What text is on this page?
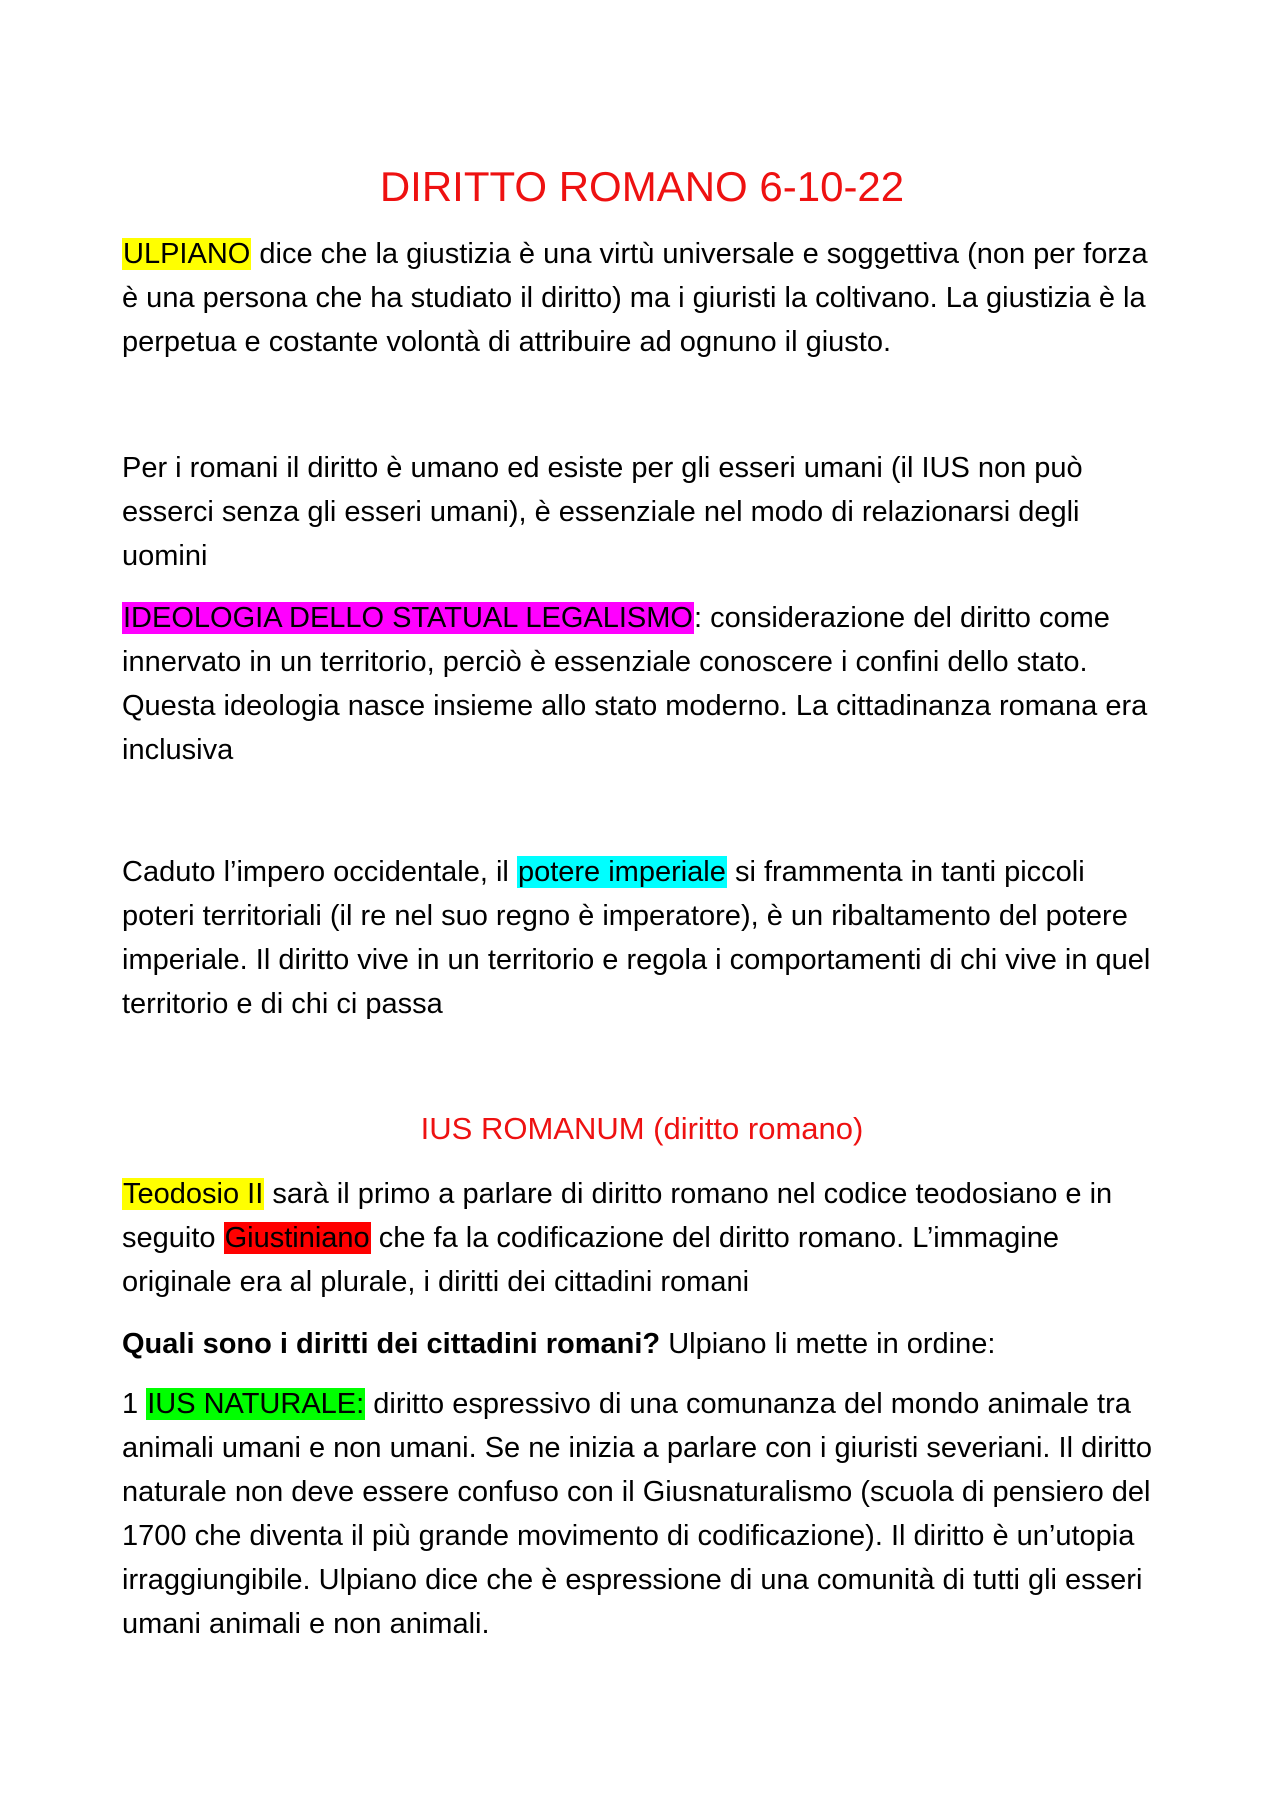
DIRITTO ROMANO 6-10-22

ULPIANO dice che la giustizia è una virtù universale e soggettiva (non per forza è una persona che ha studiato il diritto) ma i giuristi la coltivano. La giustizia è la perpetua e costante volontà di attribuire ad ognuno il giusto.

Per i romani il diritto è umano ed esiste per gli esseri umani (il IUS non può esserci senza gli esseri umani), è essenziale nel modo di relazionarsi degli uomini

IDEOLOGIA DELLO STATUAL LEGALISMO: considerazione del diritto come innervato in un territorio, perciò è essenziale conoscere i confini dello stato. Questa ideologia nasce insieme allo stato moderno. La cittadinanza romana era inclusiva

Caduto l’impero occidentale, il potere imperiale si frammenta in tanti piccoli poteri territoriali (il re nel suo regno è imperatore), è un ribaltamento del potere imperiale. Il diritto vive in un territorio e regola i comportamenti di chi vive in quel territorio e di chi ci passa

IUS ROMANUM (diritto romano)

Teodosio II sarà il primo a parlare di diritto romano nel codice teodosiano e in seguito Giustiniano che fa la codificazione del diritto romano. L’immagine originale era al plurale, i diritti dei cittadini romani

Quali sono i diritti dei cittadini romani? Ulpiano li mette in ordine:

1 IUS NATURALE: diritto espressivo di una comunanza del mondo animale tra animali umani e non umani. Se ne inizia a parlare con i giuristi severiani. Il diritto naturale non deve essere confuso con il Giusnaturalismo (scuola di pensiero del 1700 che diventa il più grande movimento di codificazione). Il diritto è un’utopia irraggiungibile. Ulpiano dice che è espressione di una comunità di tutti gli esseri umani animali e non animali.
